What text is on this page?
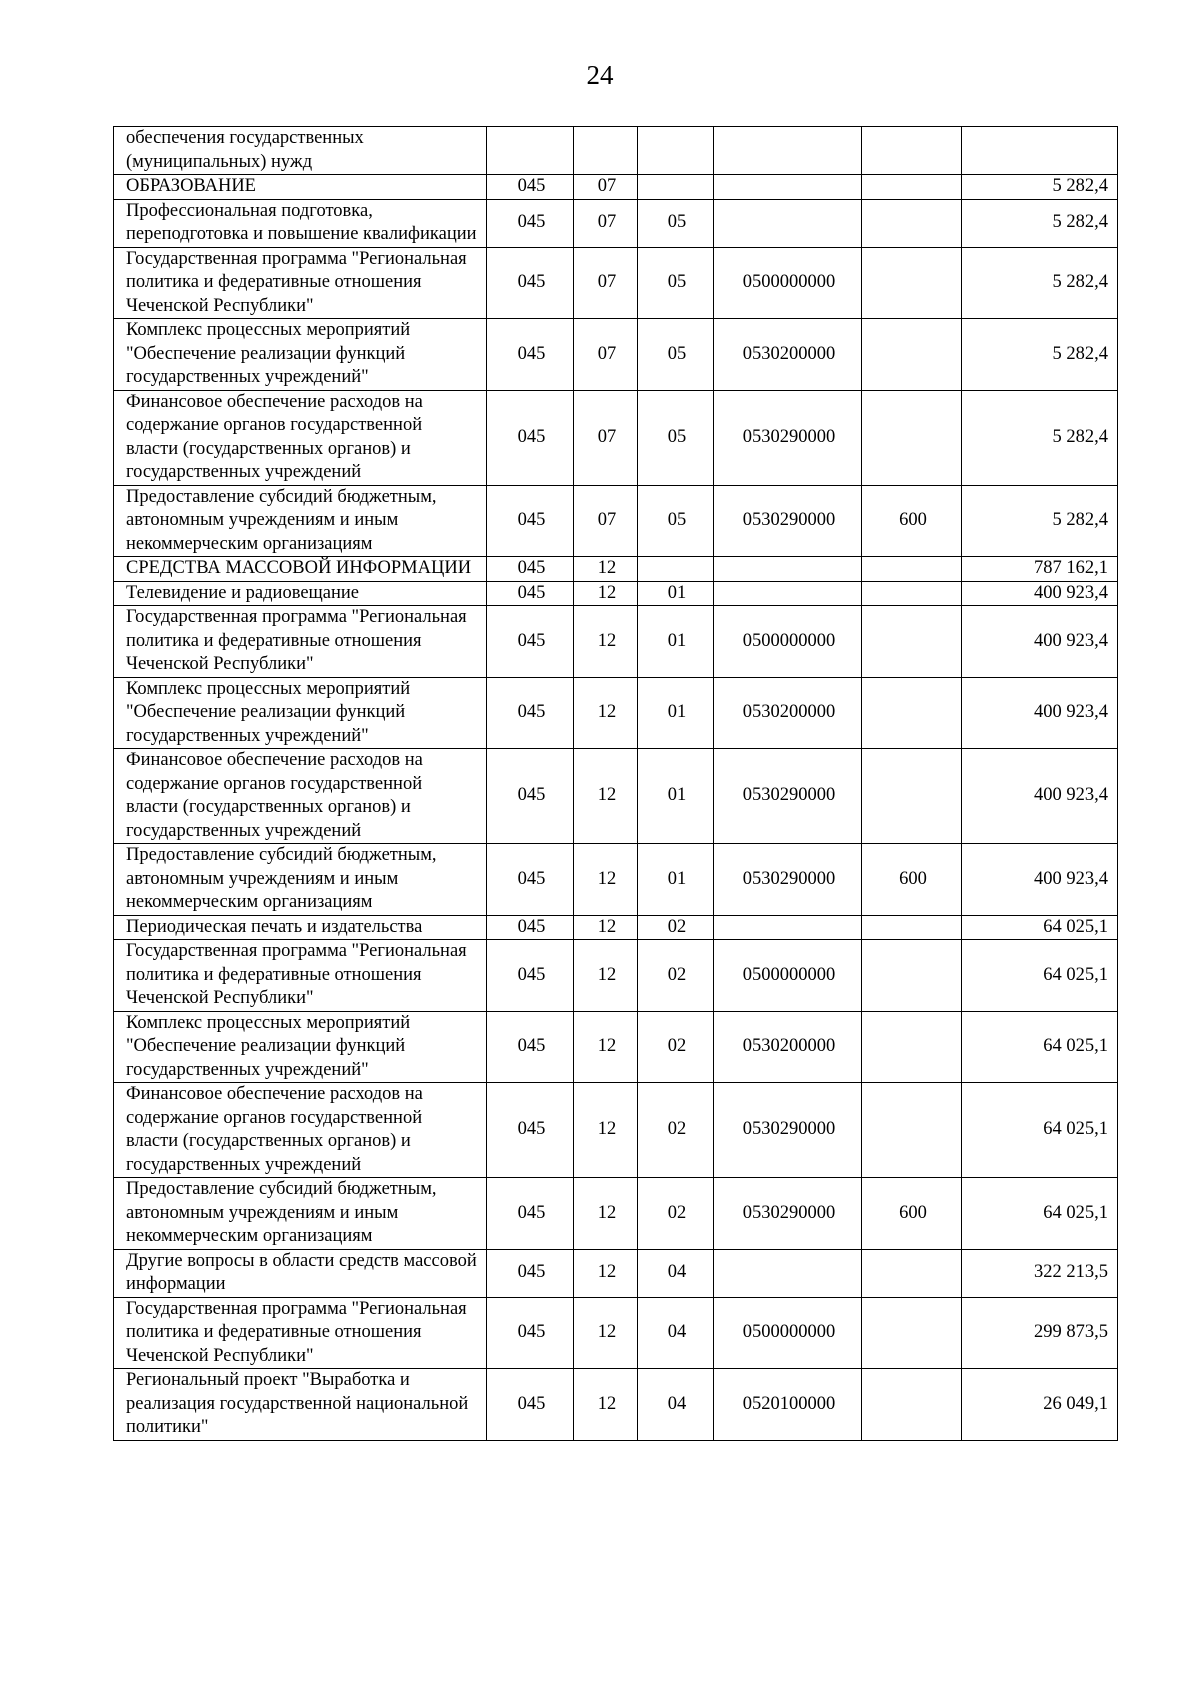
24
обеспечения государственных (муниципальных) нужд						
ОБРАЗОВАНИЕ	045	07				5 282,4
Профессиональная подготовка, переподготовка и повышение квалификации	045	07	05			5 282,4
Государственная программа "Региональная политика и федеративные отношения Чеченской Республики"	045	07	05	0500000000		5 282,4
Комплекс процессных мероприятий "Обеспечение реализации функций государственных учреждений"	045	07	05	0530200000		5 282,4
Финансовое обеспечение расходов на содержание органов государственной власти (государственных органов) и государственных учреждений	045	07	05	0530290000		5 282,4
Предоставление субсидий бюджетным, автономным учреждениям и иным некоммерческим организациям	045	07	05	0530290000	600	5 282,4
СРЕДСТВА МАССОВОЙ ИНФОРМАЦИИ	045	12				787 162,1
Телевидение и радиовещание	045	12	01			400 923,4
Государственная программа "Региональная политика и федеративные отношения Чеченской Республики"	045	12	01	0500000000		400 923,4
Комплекс процессных мероприятий "Обеспечение реализации функций государственных учреждений"	045	12	01	0530200000		400 923,4
Финансовое обеспечение расходов на содержание органов государственной власти (государственных органов) и государственных учреждений	045	12	01	0530290000		400 923,4
Предоставление субсидий бюджетным, автономным учреждениям и иным некоммерческим организациям	045	12	01	0530290000	600	400 923,4
Периодическая печать и издательства	045	12	02			64 025,1
Государственная программа "Региональная политика и федеративные отношения Чеченской Республики"	045	12	02	0500000000		64 025,1
Комплекс процессных мероприятий "Обеспечение реализации функций государственных учреждений"	045	12	02	0530200000		64 025,1
Финансовое обеспечение расходов на содержание органов государственной власти (государственных органов) и государственных учреждений	045	12	02	0530290000		64 025,1
Предоставление субсидий бюджетным, автономным учреждениям и иным некоммерческим организациям	045	12	02	0530290000	600	64 025,1
Другие вопросы в области средств массовой информации	045	12	04			322 213,5
Государственная программа "Региональная политика и федеративные отношения Чеченской Республики"	045	12	04	0500000000		299 873,5
Региональный проект "Выработка и реализация государственной национальной политики"	045	12	04	0520100000		26 049,1
